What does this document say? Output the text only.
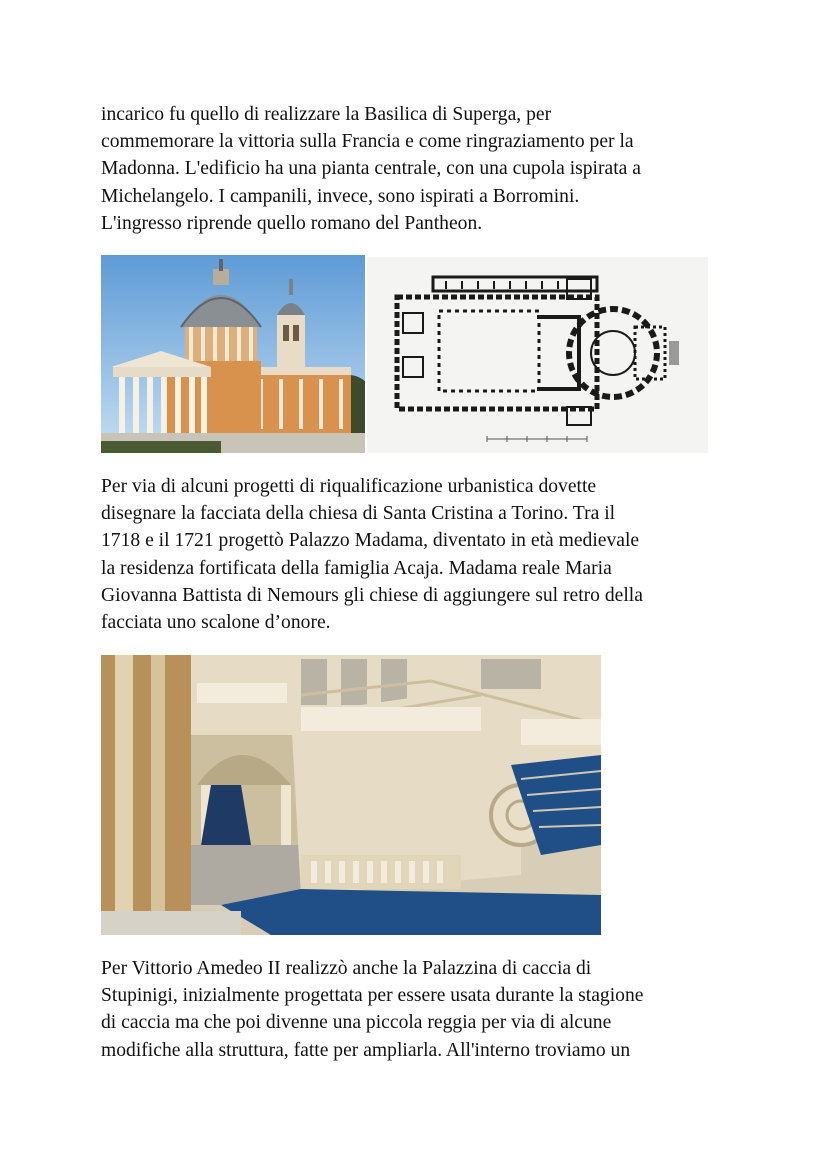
incarico fu quello di realizzare la Basilica di Superga, per
commemorare la vittoria sulla Francia e come ringraziamento per la
Madonna. L'edificio ha una pianta centrale, con una cupola ispirata a
Michelangelo. I campanili, invece, sono ispirati a Borromini.
L'ingresso riprende quello romano del Pantheon.

Per via di alcuni progetti di riqualificazione urbanistica dovette
disegnare la facciata della chiesa di Santa Cristina a Torino. Tra il
1718 e il 1721 progettò Palazzo Madama, diventato in età medievale
la residenza fortificata della famiglia Acaja. Madama reale Maria
Giovanna Battista di Nemours gli chiese di aggiungere sul retro della
facciata uno scalone d’onore.

Per Vittorio Amedeo II realizzò anche la Palazzina di caccia di
Stupinigi, inizialmente progettata per essere usata durante la stagione
di caccia ma che poi divenne una piccola reggia per via di alcune
modifiche alla struttura, fatte per ampliarla. All'interno troviamo un
